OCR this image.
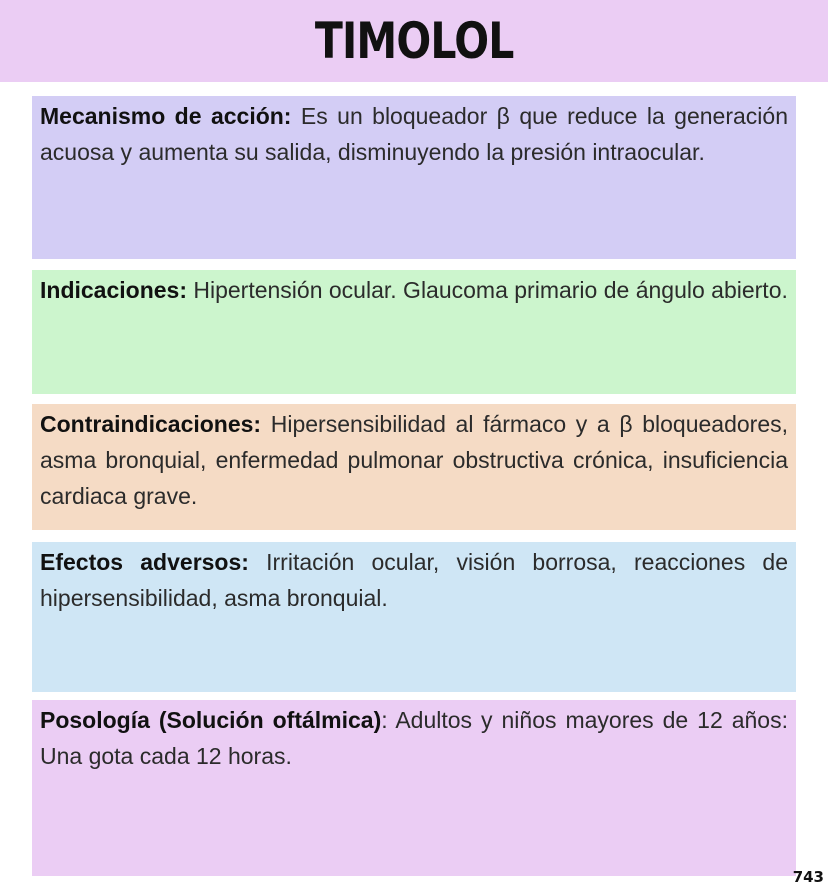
TIMOLOL

Mecanismo de acción: Es un bloqueador β que reduce la generación acuosa y aumenta su salida, disminuyendo la presión intraocular.

Indicaciones: Hipertensión ocular. Glaucoma primario de ángulo abierto.

Contraindicaciones: Hipersensibilidad al fármaco y a β bloqueadores, asma bronquial, enfermedad pulmonar obstructiva crónica, insuficiencia cardiaca grave.

Efectos adversos: Irritación ocular, visión borrosa, reacciones de hipersensibilidad, asma bronquial.

Posología (Solución oftálmica): Adultos y niños mayores de 12 años: Una gota cada 12 horas.

743
